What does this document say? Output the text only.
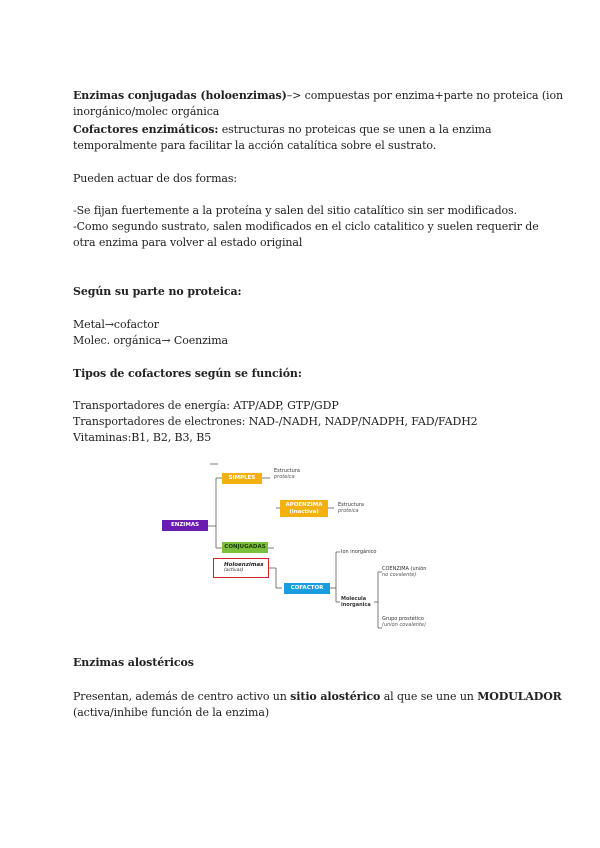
Enzimas conjugadas (holoenzimas)–> compuestas por enzima+parte no proteica (ion
inorgánico/molec orgánica
Cofactores enzimáticos: estructuras no proteicas que se unen a la enzima
temporalmente para facilitar la acción catalítica sobre el sustrato.
Pueden actuar de dos formas:
-Se fijan fuertemente a la proteína y salen del sitio catalítico sin ser modificados.
-Como segundo sustrato, salen modificados en el ciclo catalitico y suelen requerir de
otra enzima para volver al estado original
Según su parte no proteica:
Metal→cofactor
Molec. orgánica→ Coenzima
Tipos de cofactores según se función:
Transportadores de energía: ATP/ADP, GTP/GDP
Transportadores de electrones: NAD-/NADH, NADP/NADPH, FAD/FADH2
Vitaminas:B1, B2, B3, B5
ENZIMAS
SIMPLES
Estructura
proteica
APOENZIMA
(inactiva)
Estructura
proteica
CONJUGADAS
Holoenzimas
(activas)
COFACTOR
Ion inorgánico
Molecula
inorganica
COENZIMA (unión
no covalente)
Grupo prostético
(unión covalente)
Enzimas alostéricos
Presentan, además de centro activo un sitio alostérico al que se une un MODULADOR
(activa/inhibe función de la enzima)
